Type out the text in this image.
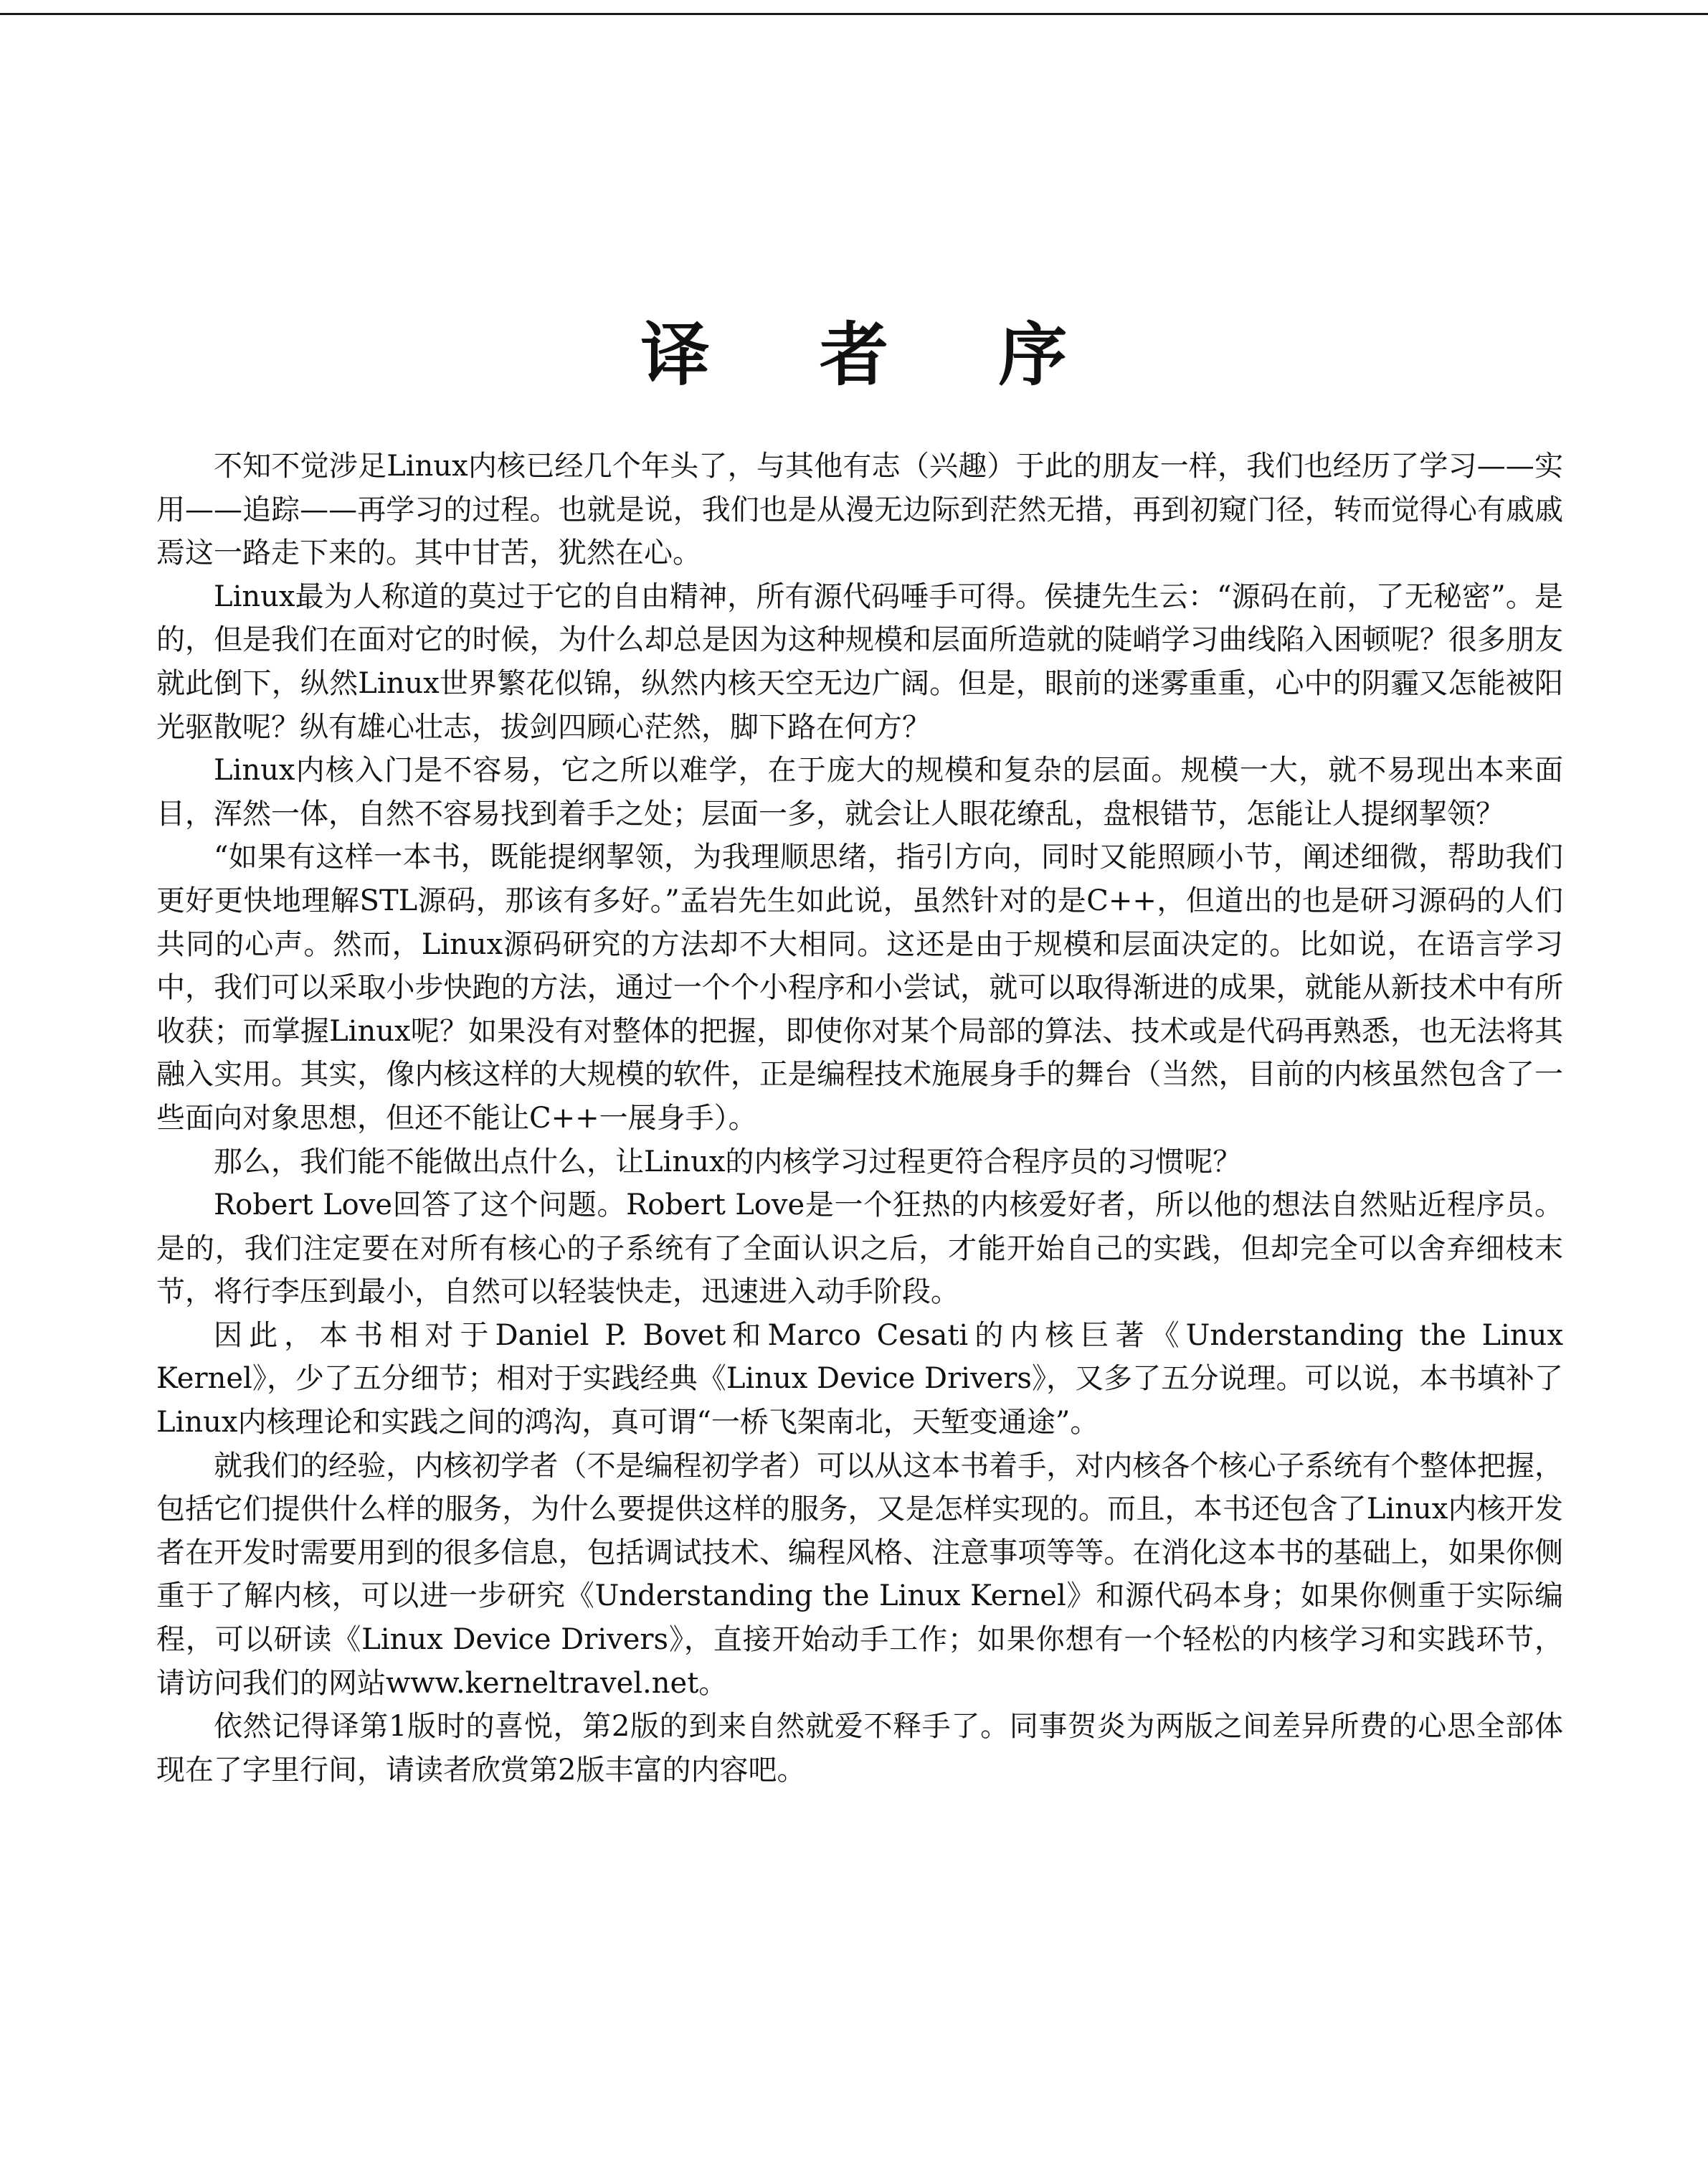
译 者 序

不知不觉涉足Linux内核已经几个年头了，与其他有志（兴趣）于此的朋友一样，我们也经历了学习——实用——追踪——再学习的过程。也就是说，我们也是从漫无边际到茫然无措，再到初窥门径，转而觉得心有戚戚焉这一路走下来的。其中甘苦，犹然在心。

Linux最为人称道的莫过于它的自由精神，所有源代码唾手可得。侯捷先生云：“源码在前，了无秘密”。是的，但是我们在面对它的时候，为什么却总是因为这种规模和层面所造就的陡峭学习曲线陷入困顿呢？很多朋友就此倒下，纵然Linux世界繁花似锦，纵然内核天空无边广阔。但是，眼前的迷雾重重，心中的阴霾又怎能被阳光驱散呢？纵有雄心壮志，拔剑四顾心茫然，脚下路在何方？

Linux内核入门是不容易，它之所以难学，在于庞大的规模和复杂的层面。规模一大，就不易现出本来面目，浑然一体，自然不容易找到着手之处；层面一多，就会让人眼花缭乱，盘根错节，怎能让人提纲挈领？

“如果有这样一本书，既能提纲挈领，为我理顺思绪，指引方向，同时又能照顾小节，阐述细微，帮助我们更好更快地理解STL源码，那该有多好。”孟岩先生如此说，虽然针对的是C++，但道出的也是研习源码的人们共同的心声。然而，Linux源码研究的方法却不大相同。这还是由于规模和层面决定的。比如说，在语言学习中，我们可以采取小步快跑的方法，通过一个个小程序和小尝试，就可以取得渐进的成果，就能从新技术中有所收获；而掌握Linux呢？如果没有对整体的把握，即使你对某个局部的算法、技术或是代码再熟悉，也无法将其融入实用。其实，像内核这样的大规模的软件，正是编程技术施展身手的舞台（当然，目前的内核虽然包含了一些面向对象思想，但还不能让C++一展身手）。

那么，我们能不能做出点什么，让Linux的内核学习过程更符合程序员的习惯呢？

Robert Love回答了这个问题。Robert Love是一个狂热的内核爱好者，所以他的想法自然贴近程序员。是的，我们注定要在对所有核心的子系统有了全面认识之后，才能开始自己的实践，但却完全可以舍弃细枝末节，将行李压到最小，自然可以轻装快走，迅速进入动手阶段。

因此，本书相对于Daniel P. Bovet和Marco Cesati的内核巨著《Understanding the Linux Kernel》，少了五分细节；相对于实践经典《Linux Device Drivers》，又多了五分说理。可以说，本书填补了Linux内核理论和实践之间的鸿沟，真可谓“一桥飞架南北，天堑变通途”。

就我们的经验，内核初学者（不是编程初学者）可以从这本书着手，对内核各个核心子系统有个整体把握，包括它们提供什么样的服务，为什么要提供这样的服务，又是怎样实现的。而且，本书还包含了Linux内核开发者在开发时需要用到的很多信息，包括调试技术、编程风格、注意事项等等。在消化这本书的基础上，如果你侧重于了解内核，可以进一步研究《Understanding the Linux Kernel》和源代码本身；如果你侧重于实际编程，可以研读《Linux Device Drivers》，直接开始动手工作；如果你想有一个轻松的内核学习和实践环节，请访问我们的网站www.kerneltravel.net。

依然记得译第1版时的喜悦，第2版的到来自然就爱不释手了。同事贺炎为两版之间差异所费的心思全部体现在了字里行间，请读者欣赏第2版丰富的内容吧。
